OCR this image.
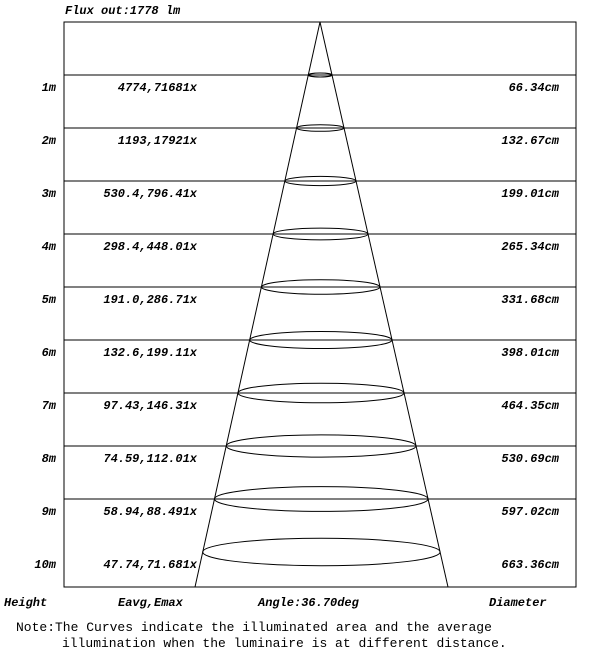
Flux out:1778 lm
1m	4774,71681x	66.34cm
2m	1193,17921x	132.67cm
3m	530.4,796.41x	199.01cm
4m	298.4,448.01x	265.34cm
5m	191.0,286.71x	331.68cm
6m	132.6,199.11x	398.01cm
7m	97.43,146.31x	464.35cm
8m	74.59,112.01x	530.69cm
9m	58.94,88.491x	597.02cm
10m	47.74,71.681x	663.36cm
Height	Eavg,Emax	Angle:36.70deg	Diameter
Note:The Curves indicate the illuminated area and the average
illumination when the luminaire is at different distance.
